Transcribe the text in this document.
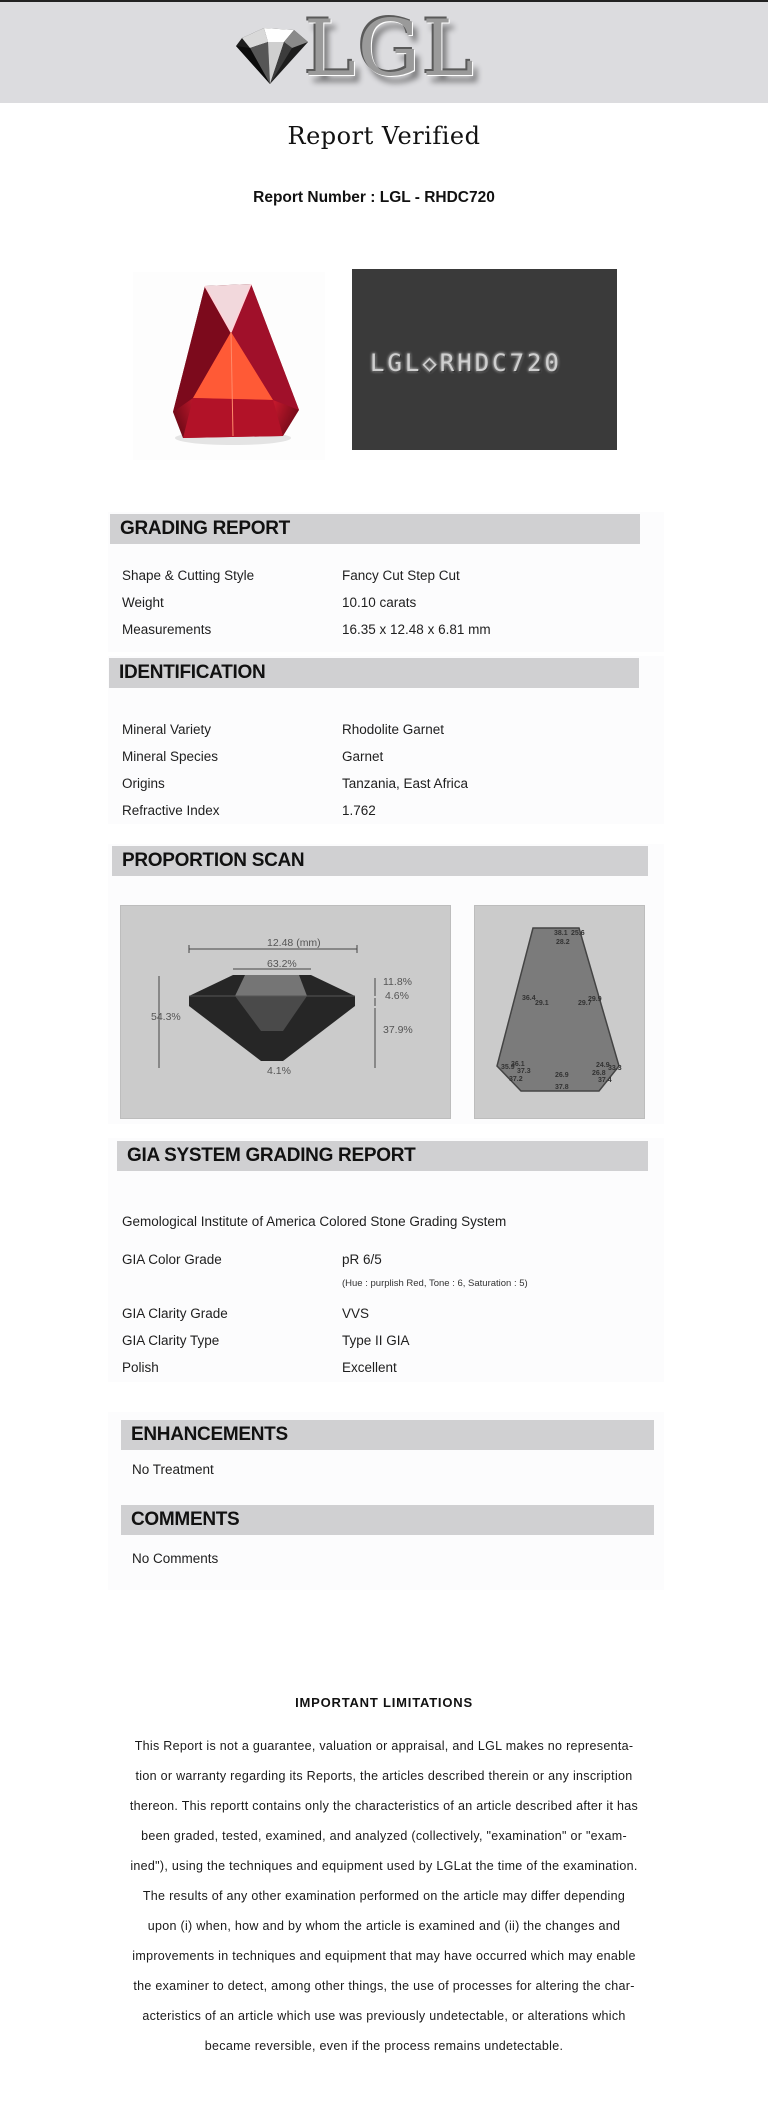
LGL
Report Verified
Report Number : LGL - RHDC720
LGL◇RHDC720
GRADING REPORT
Shape & Cutting Style	Fancy Cut Step Cut
Weight	10.10 carats
Measurements	16.35 x 12.48 x 6.81 mm
IDENTIFICATION
Mineral Variety	Rhodolite Garnet
Mineral Species	Garnet
Origins	Tanzania, East Africa
Refractive Index	1.762
PROPORTION SCAN
12.48 (mm)
63.2%
54.3%
11.8%
4.6%
37.9%
4.1%
38.1 25.6
28.2
36.4
29.1	29.7
29.9
35.9
36.1
37.3
37.2
26.9
37.8
24.9
33.3
26.8
37.4
GIA SYSTEM GRADING REPORT
Gemological Institute of America Colored Stone Grading System
GIA Color Grade	pR 6/5
(Hue : purplish Red, Tone : 6, Saturation : 5)
GIA Clarity Grade	VVS
GIA Clarity Type	Type II GIA
Polish	Excellent
ENHANCEMENTS
No Treatment
COMMENTS
No Comments
IMPORTANT LIMITATIONS
This Report is not a guarantee, valuation or appraisal, and LGL makes no representa-
tion or warranty regarding its Reports, the articles described therein or any inscription
thereon. This reportt contains only the characteristics of an article described after it has
been graded, tested, examined, and analyzed (collectively, "examination" or "exam-
ined"), using the techniques and equipment used by LGLat the time of the examination.
The results of any other examination performed on the article may differ depending
upon (i) when, how and by whom the article is examined and (ii) the changes and
improvements in techniques and equipment that may have occurred which may enable
the examiner to detect, among other things, the use of processes for altering the char-
acteristics of an article which use was previously undetectable, or alterations which
became reversible, even if the process remains undetectable.
